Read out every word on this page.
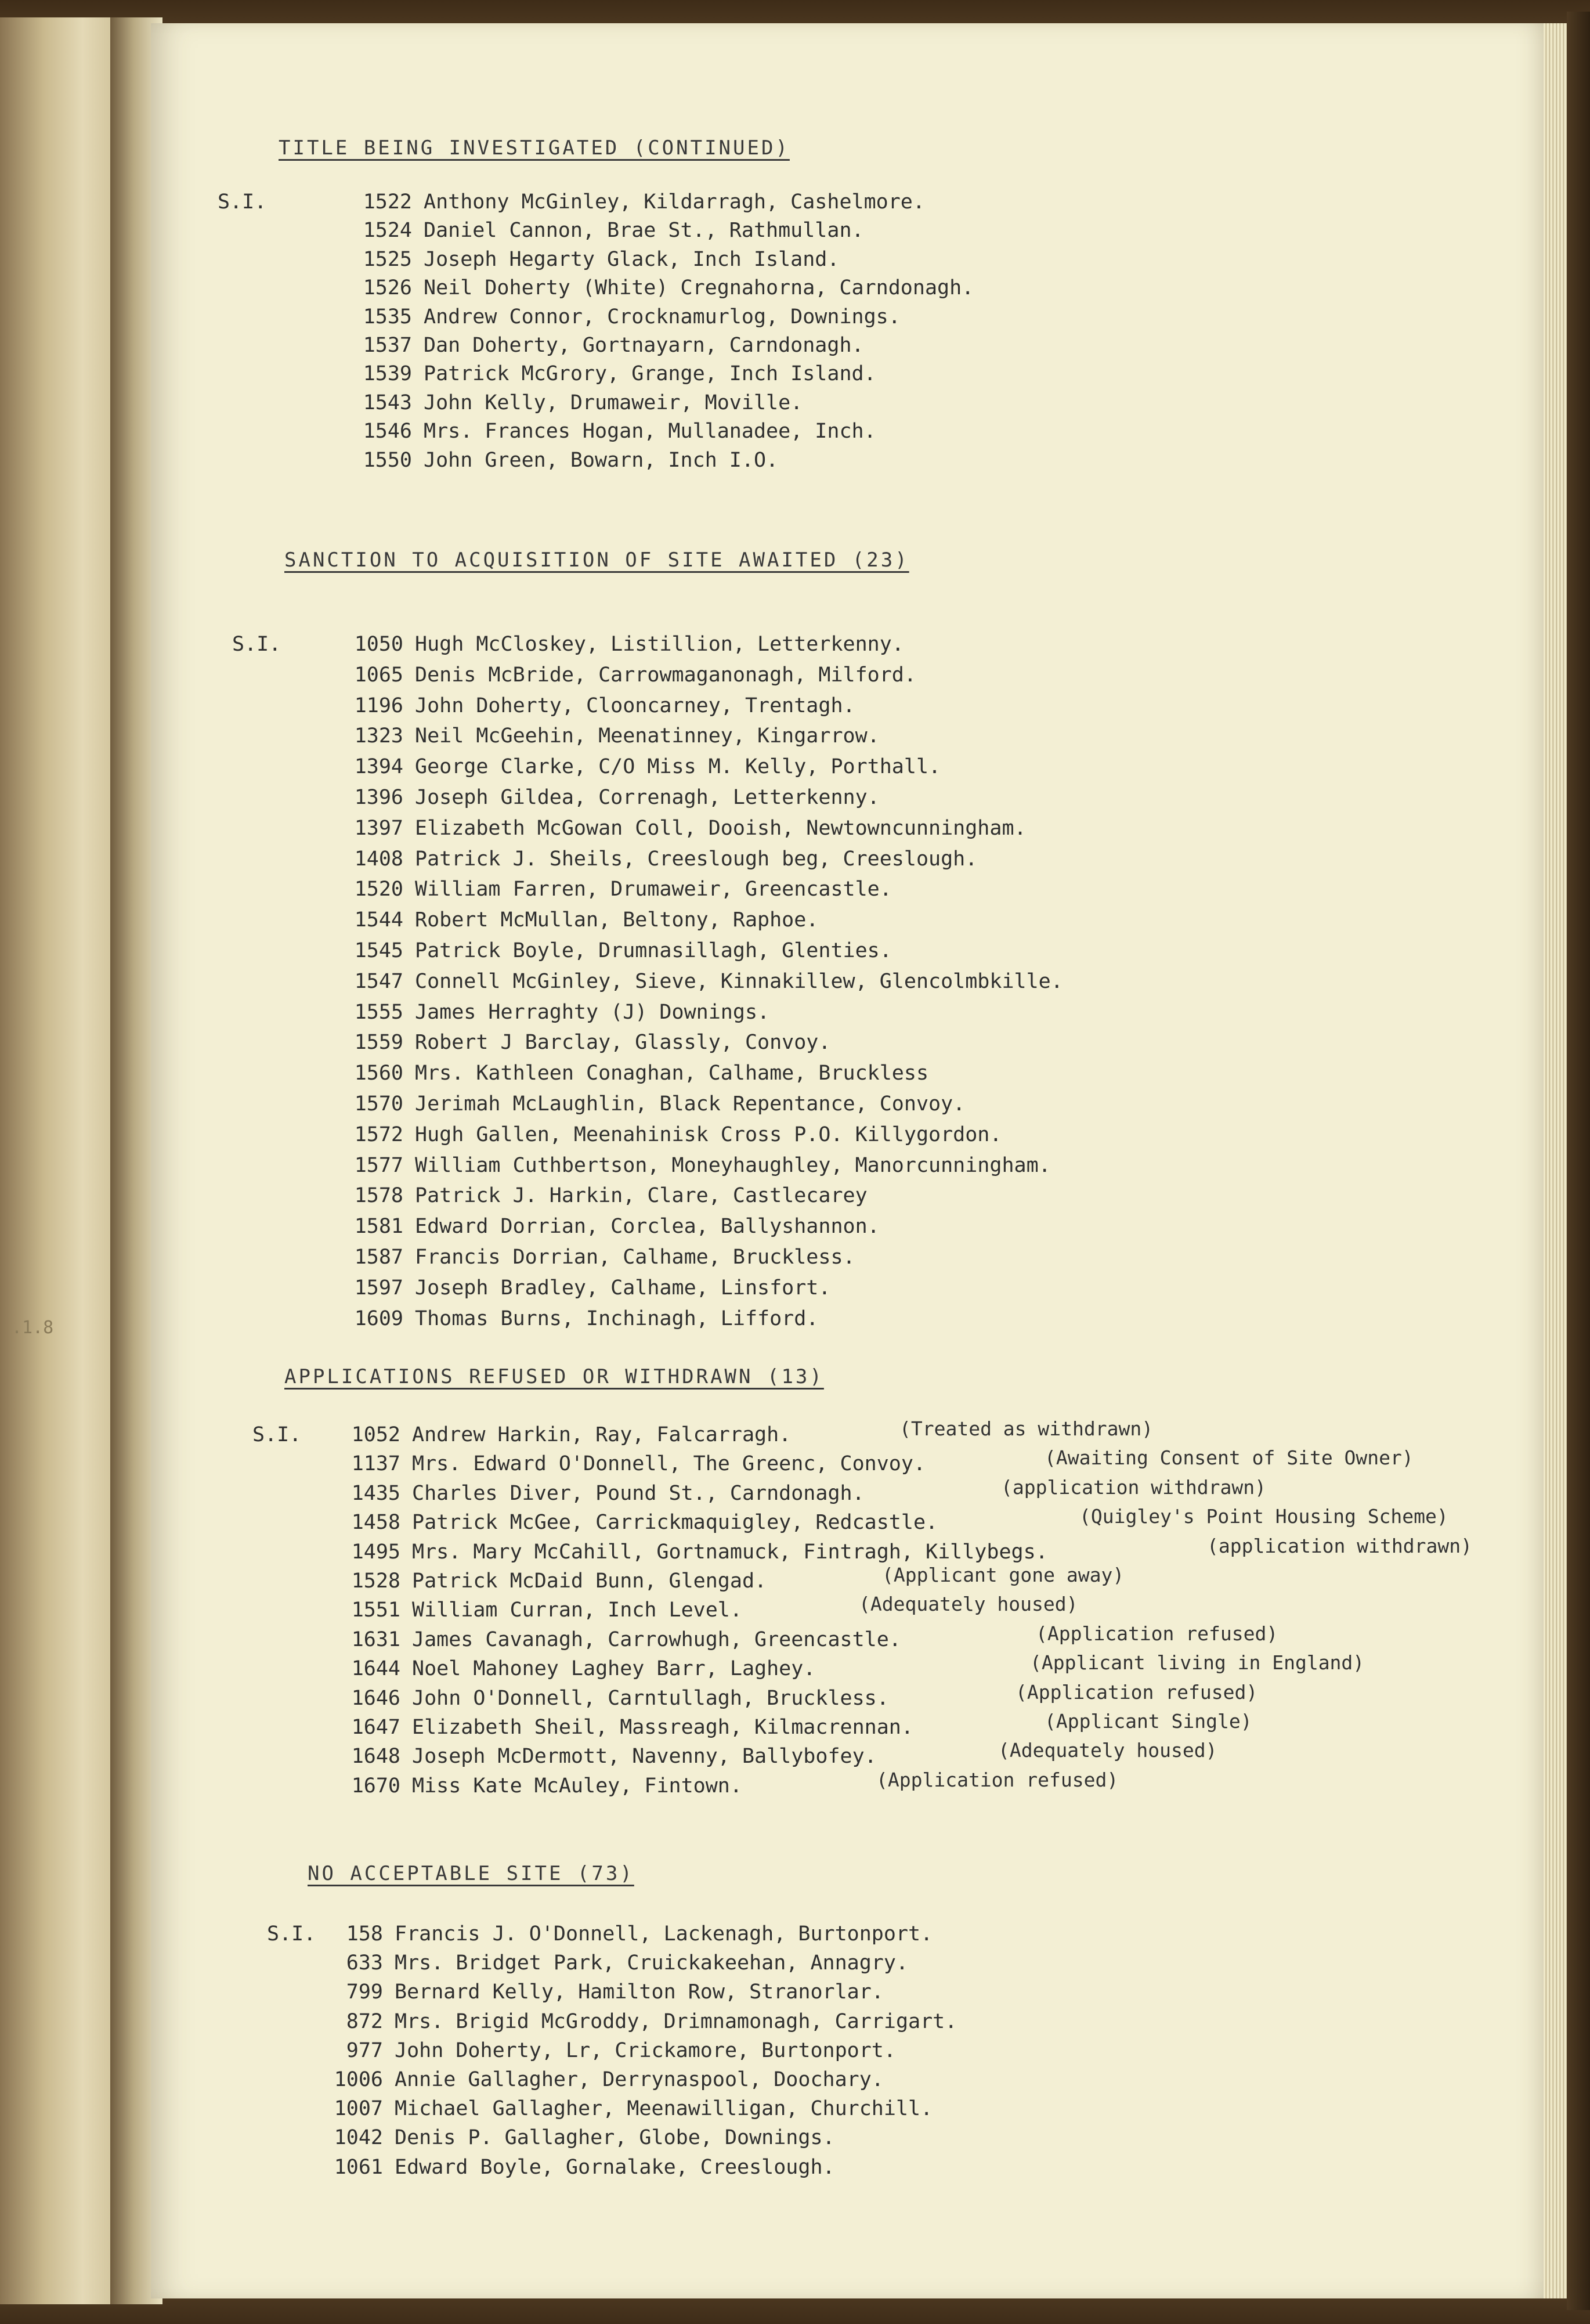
.1.8
TITLE BEING INVESTIGATED (CONTINUED)
S.I.	1522 Anthony McGinley, Kildarragh, Cashelmore.
1524 Daniel Cannon, Brae St., Rathmullan.
1525 Joseph Hegarty Glack, Inch Island.
1526 Neil Doherty (White) Cregnahorna, Carndonagh.
1535 Andrew Connor, Crocknamurlog, Downings.
1537 Dan Doherty, Gortnayarn, Carndonagh.
1539 Patrick McGrory, Grange, Inch Island.
1543 John Kelly, Drumaweir, Moville.
1546 Mrs. Frances Hogan, Mullanadee, Inch.
1550 John Green, Bowarn, Inch I.O.
SANCTION TO ACQUISITION OF SITE AWAITED (23)
S.I.	1050 Hugh McCloskey, Listillion, Letterkenny.
1065 Denis McBride, Carrowmaganonagh, Milford.
1196 John Doherty, Clooncarney, Trentagh.
1323 Neil McGeehin, Meenatinney, Kingarrow.
1394 George Clarke, C/O Miss M. Kelly, Porthall.
1396 Joseph Gildea, Correnagh, Letterkenny.
1397 Elizabeth McGowan Coll, Dooish, Newtowncunningham.
1408 Patrick J. Sheils, Creeslough beg, Creeslough.
1520 William Farren, Drumaweir, Greencastle.
1544 Robert McMullan, Beltony, Raphoe.
1545 Patrick Boyle, Drumnasillagh, Glenties.
1547 Connell McGinley, Sieve, Kinnakillew, Glencolmbkille.
1555 James Herraghty (J) Downings.
1559 Robert J Barclay, Glassly, Convoy.
1560 Mrs. Kathleen Conaghan, Calhame, Bruckless
1570 Jerimah McLaughlin, Black Repentance, Convoy.
1572 Hugh Gallen, Meenahinisk Cross P.O. Killygordon.
1577 William Cuthbertson, Moneyhaughley, Manorcunningham.
1578 Patrick J. Harkin, Clare, Castlecarey
1581 Edward Dorrian, Corclea, Ballyshannon.
1587 Francis Dorrian, Calhame, Bruckless.
1597 Joseph Bradley, Calhame, Linsfort.
1609 Thomas Burns, Inchinagh, Lifford.
APPLICATIONS REFUSED OR WITHDRAWN (13)
S.I.	1052 Andrew Harkin, Ray, Falcarragh.	(Treated as withdrawn)
1137 Mrs. Edward O'Donnell, The Greenc, Convoy.	(Awaiting Consent of Site Owner)
1435 Charles Diver, Pound St., Carndonagh.	(application withdrawn)
1458 Patrick McGee, Carrickmaquigley, Redcastle.	(Quigley's Point Housing Scheme)
1495 Mrs. Mary McCahill, Gortnamuck, Fintragh, Killybegs.	(application withdrawn)
1528 Patrick McDaid Bunn, Glengad.	(Applicant gone away)
1551 William Curran, Inch Level.	(Adequately housed)
1631 James Cavanagh, Carrowhugh, Greencastle.	(Application refused)
1644 Noel Mahoney Laghey Barr, Laghey.	(Applicant living in England)
1646 John O'Donnell, Carntullagh, Bruckless.	(Application refused)
1647 Elizabeth Sheil, Massreagh, Kilmacrennan.	(Applicant Single)
1648 Joseph McDermott, Navenny, Ballybofey.	(Adequately housed)
1670 Miss Kate McAuley, Fintown.	(Application refused)
NO ACCEPTABLE SITE (73)
S.I.	158 Francis J. O'Donnell, Lackenagh, Burtonport.
633 Mrs. Bridget Park, Cruickakeehan, Annagry.
799 Bernard Kelly, Hamilton Row, Stranorlar.
872 Mrs. Brigid McGroddy, Drimnamonagh, Carrigart.
977 John Doherty, Lr, Crickamore, Burtonport.
1006 Annie Gallagher, Derrynaspool, Doochary.
1007 Michael Gallagher, Meenawilligan, Churchill.
1042 Denis P. Gallagher, Globe, Downings.
1061 Edward Boyle, Gornalake, Creeslough.
